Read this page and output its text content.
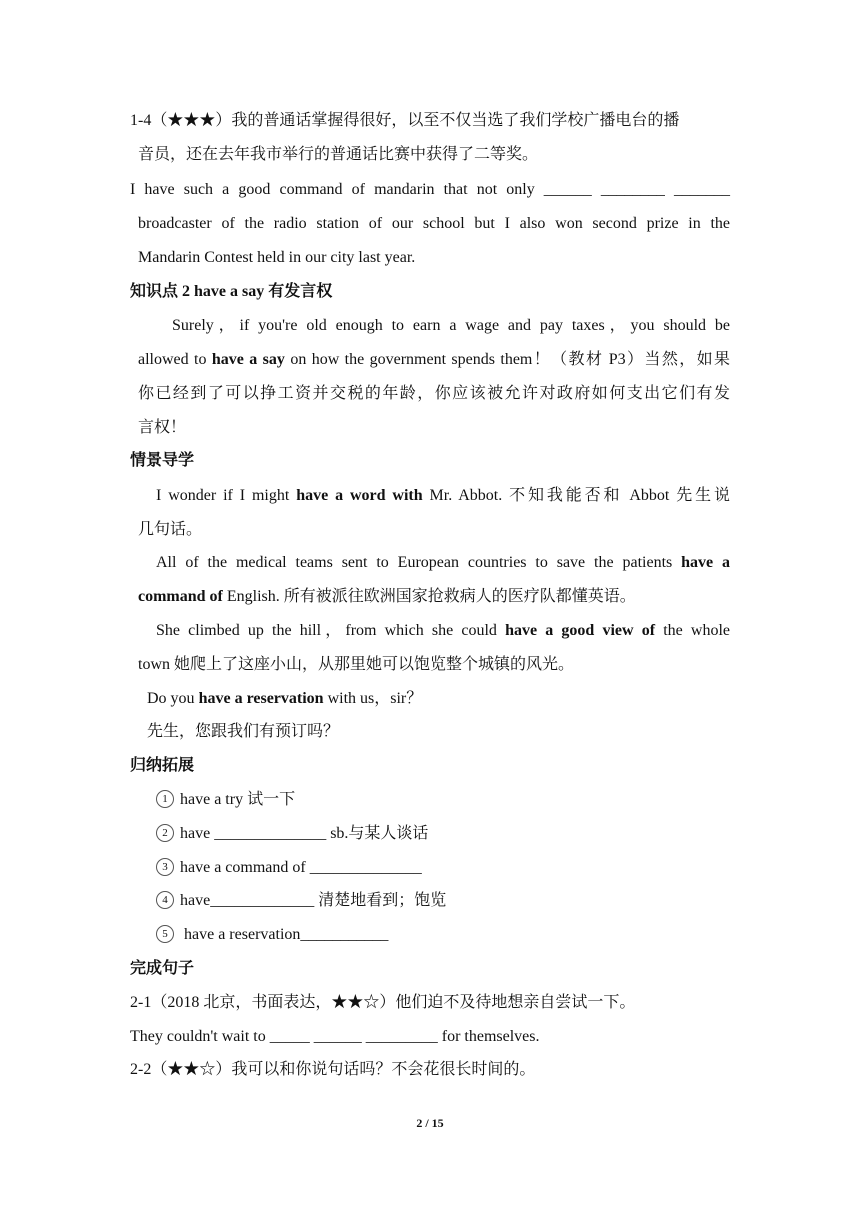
1-4（★★★）我的普通话掌握得很好，以至不仅当选了我们学校广播电台的播
音员，还在去年我市举行的普通话比赛中获得了二等奖。
I have such a good command of mandarin that not only ______ ________ _______
broadcaster of the radio station of our school but I also won second prize in the
Mandarin Contest held in our city last year.
知识点 2 have a say 有发言权
Surely，if you're old enough to earn a wage and pay taxes，you should be
allowed to have a say on how the government spends them！（教材 P3）当然，如果
你已经到了可以挣工资并交税的年龄，你应该被允许对政府如何支出它们有发
言权！
情景导学
I wonder if I might have a word with Mr. Abbot. 不知我能否和 Abbot 先生说
几句话。
All of the medical teams sent to European countries to save the patients have a
command of English. 所有被派往欧洲国家抢救病人的医疗队都懂英语。
She climbed up the hill，from which she could have a good view of the whole
town 她爬上了这座小山，从那里她可以饱览整个城镇的风光。
Do you have a reservation with us，sir？
先生，您跟我们有预订吗？
归纳拓展
1 have a try 试一下
2 have ______________ sb.与某人谈话
3 have a command of ______________
4 have_____________ 清楚地看到；饱览
5 have a reservation___________
完成句子
2-1（2018 北京，书面表达，★★☆）他们迫不及待地想亲自尝试一下。
They couldn't wait to _____ ______ _________ for themselves.
2-2（★★☆）我可以和你说句话吗？不会花很长时间的。
2 / 15
